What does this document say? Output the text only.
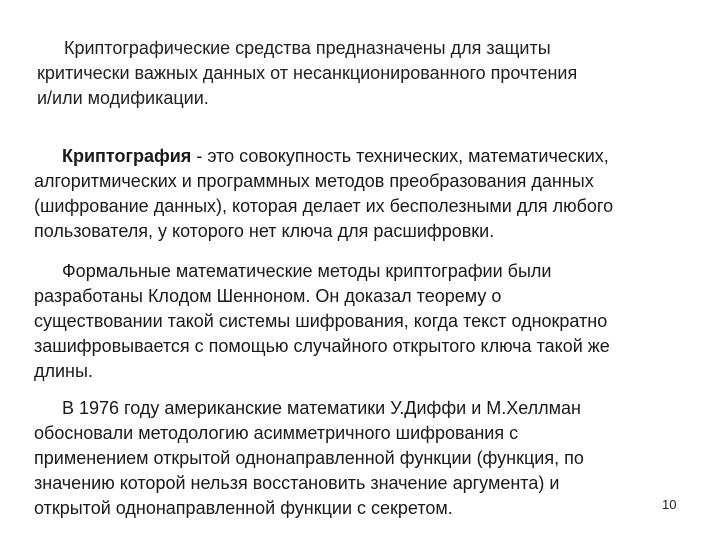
Криптографические средства предназначены для защиты
критически важных данных от несанкционированного прочтения
и/или модификации.
Криптография - это совокупность технических, математических,
алгоритмических и программных методов преобразования данных
(шифрование данных), которая делает их бесполезными для любого
пользователя, у которого нет ключа для расшифровки.
Формальные математические методы криптографии были
разработаны Клодом Шенноном. Он доказал теорему о
существовании такой системы шифрования, когда текст однократно
зашифровывается с помощью случайного открытого ключа такой же
длины.
В 1976 году американские математики У.Диффи и М.Хеллман
обосновали методологию асимметричного шифрования с
применением открытой однонаправленной функции (функция, по
значению которой нельзя восстановить значение аргумента) и
открытой однонаправленной функции с секретом.	10
